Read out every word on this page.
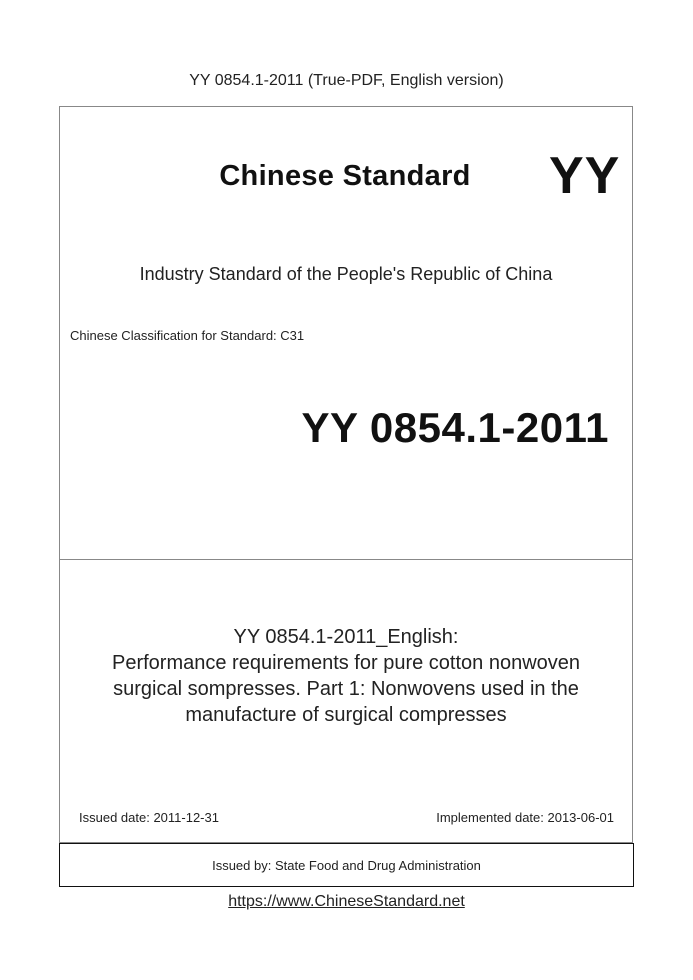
YY 0854.1-2011 (True-PDF, English version)
Chinese Standard	YY
Industry Standard of the People's Republic of China
Chinese Classification for Standard: C31
YY 0854.1-2011
YY 0854.1-2011_English:
Performance requirements for pure cotton nonwoven
surgical sompresses. Part 1: Nonwovens used in the
manufacture of surgical compresses
Issued date: 2011-12-31	Implemented date: 2013-06-01
Issued by: State Food and Drug Administration
https://www.ChineseStandard.net
